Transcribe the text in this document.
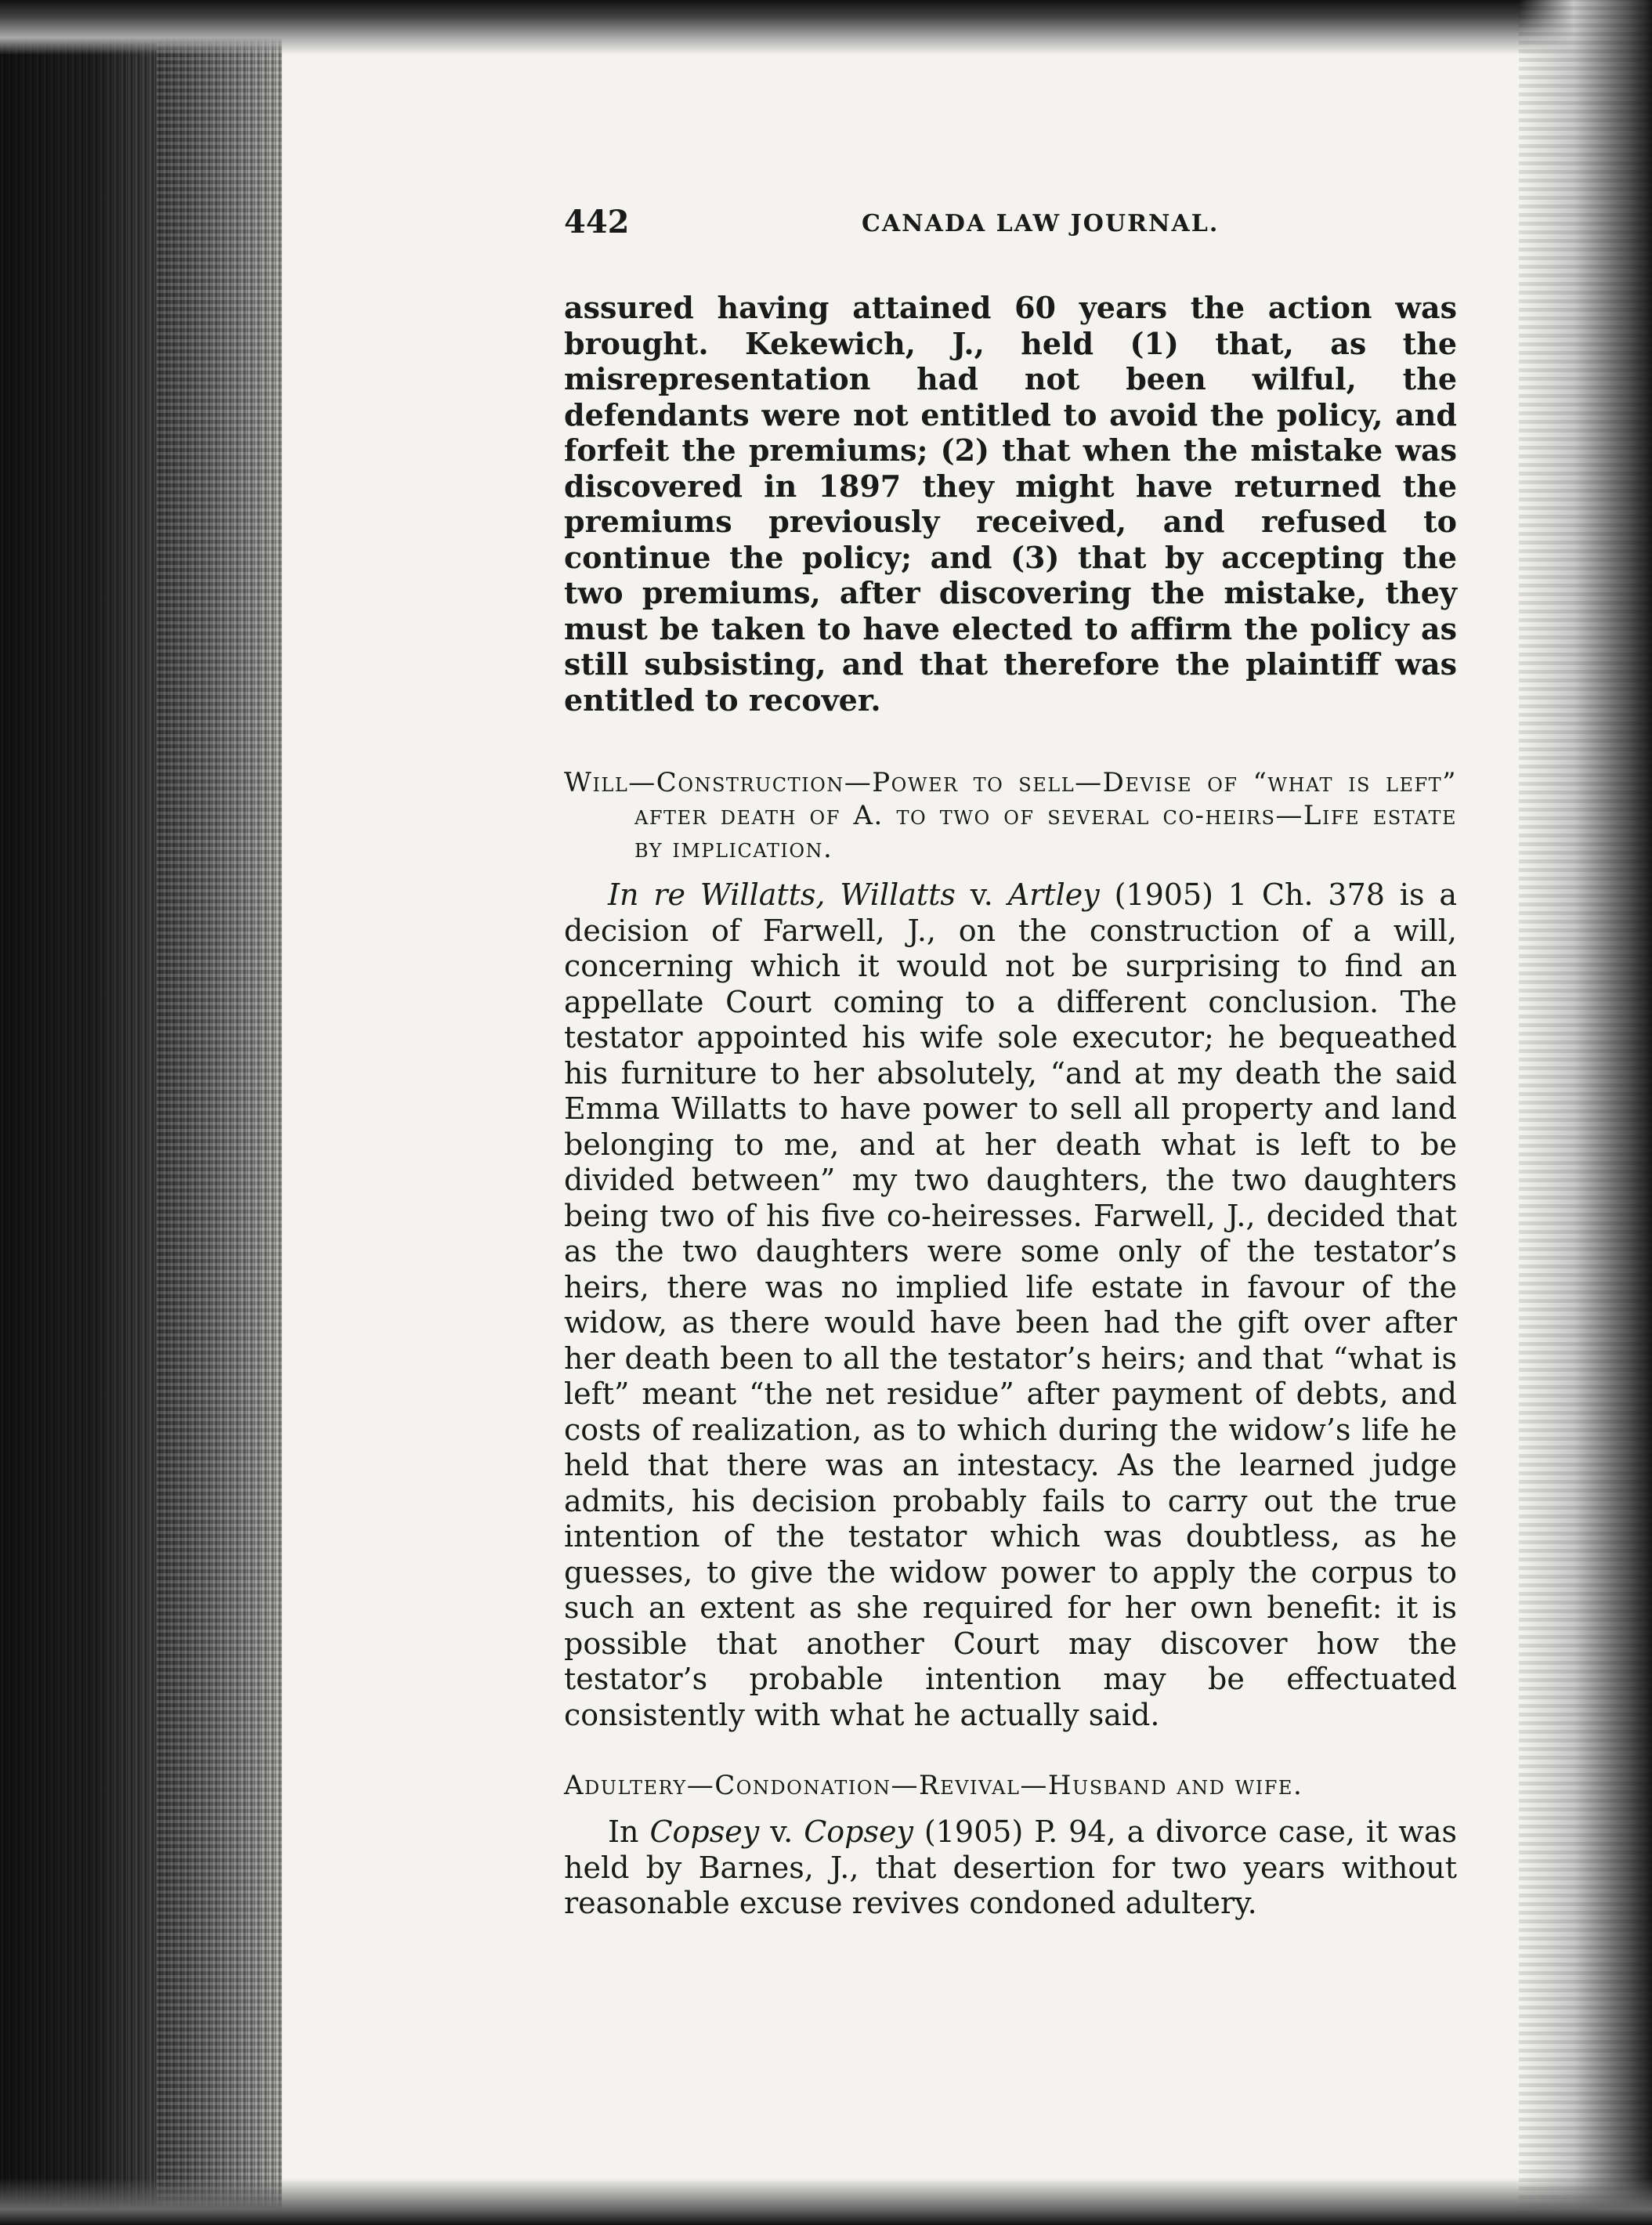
442	CANADA LAW JOURNAL.

assured having attained 60 years the action was brought. Kekewich, J., held (1) that, as the misrepresentation had not been wilful, the defendants were not entitled to avoid the policy, and forfeit the premiums; (2) that when the mistake was discovered in 1897 they might have returned the premiums previously received, and refused to continue the policy; and (3) that by accepting the two premiums, after discovering the mistake, they must be taken to have elected to affirm the policy as still subsisting, and that therefore the plaintiff was entitled to recover.

Will—Construction—Power to sell—Devise of “what is left” after death of A. to two of several co-heirs—Life estate by implication.

In re Willatts, Willatts v. Artley (1905) 1 Ch. 378 is a decision of Farwell, J., on the construction of a will, concerning which it would not be surprising to find an appellate Court coming to a different conclusion. The testator appointed his wife sole executor; he bequeathed his furniture to her absolutely, “and at my death the said Emma Willatts to have power to sell all property and land belonging to me, and at her death what is left to be divided between” my two daughters, the two daughters being two of his five co-heiresses. Farwell, J., decided that as the two daughters were some only of the testator’s heirs, there was no implied life estate in favour of the widow, as there would have been had the gift over after her death been to all the testator’s heirs; and that “what is left” meant “the net residue” after payment of debts, and costs of realization, as to which during the widow’s life he held that there was an intestacy. As the learned judge admits, his decision probably fails to carry out the true intention of the testator which was doubtless, as he guesses, to give the widow power to apply the corpus to such an extent as she required for her own benefit: it is possible that another Court may discover how the testator’s probable intention may be effectuated consistently with what he actually said.

Adultery—Condonation—Revival—Husband and wife.

In Copsey v. Copsey (1905) P. 94, a divorce case, it was held by Barnes, J., that desertion for two years without reasonable excuse revives condoned adultery.
